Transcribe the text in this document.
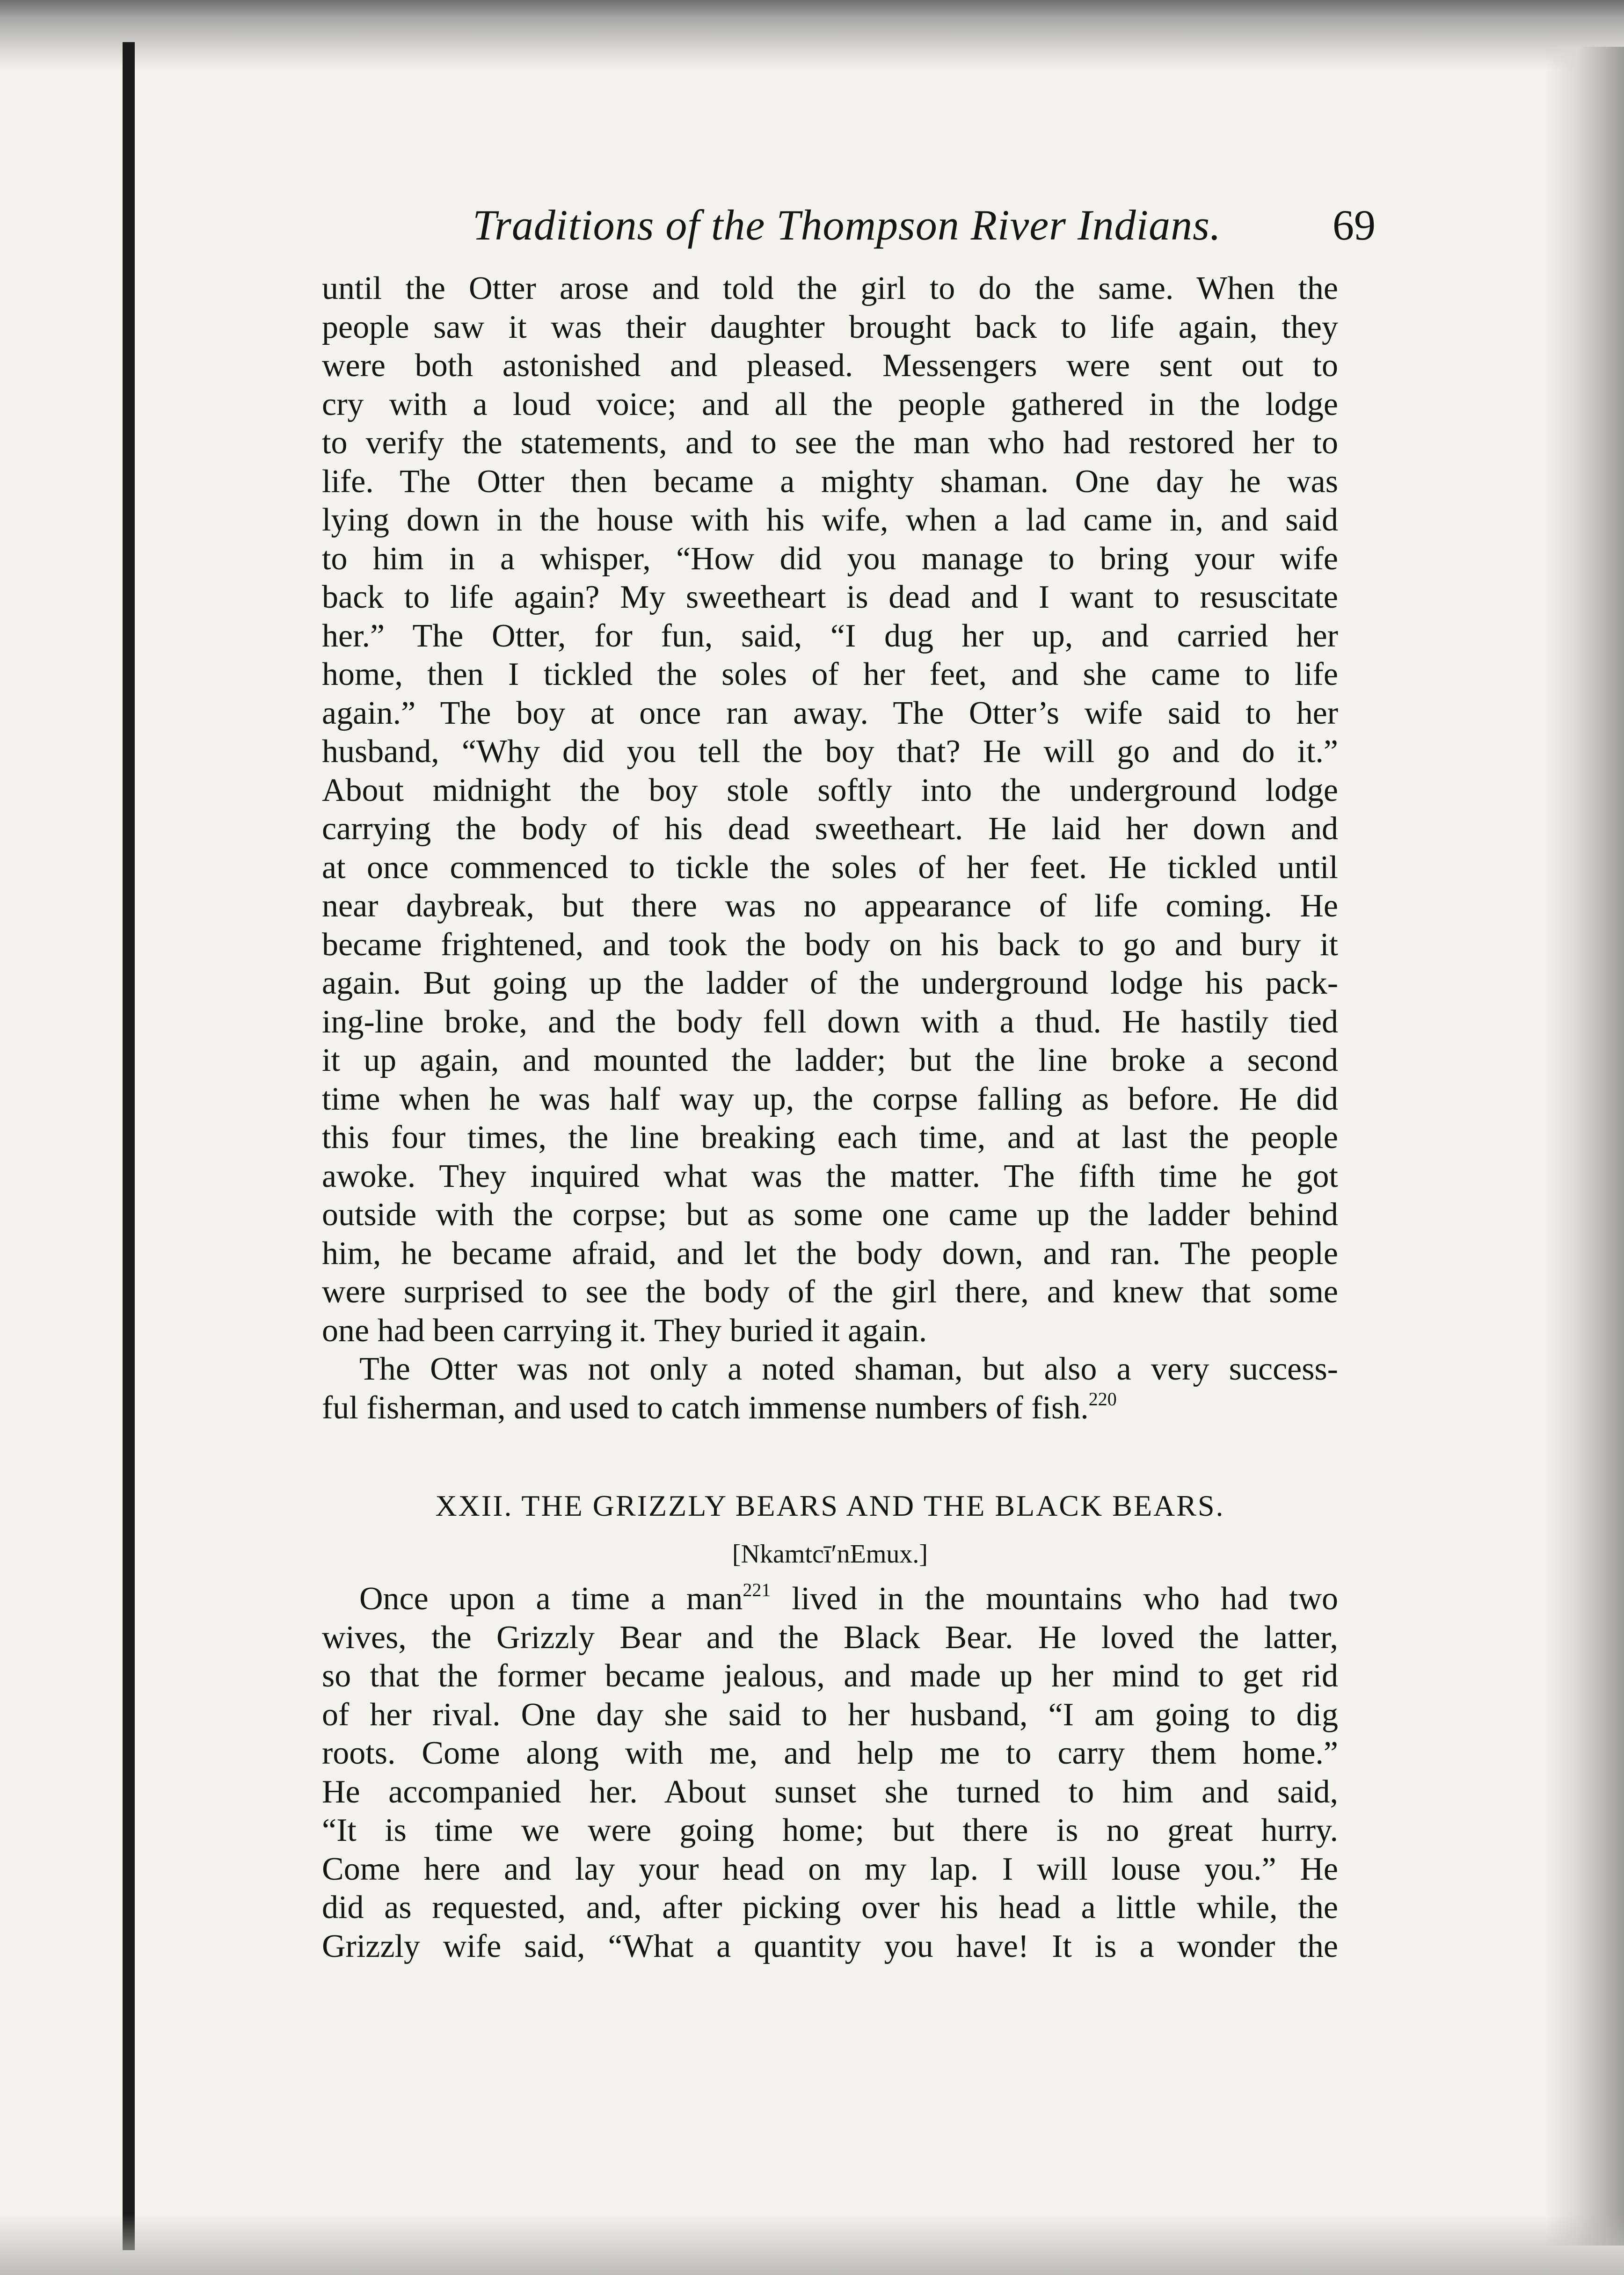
Traditions of the Thompson River Indians.	69
until the Otter arose and told the girl to do the same. When the
people saw it was their daughter brought back to life again, they
were both astonished and pleased. Messengers were sent out to
cry with a loud voice; and all the people gathered in the lodge
to verify the statements, and to see the man who had restored her to
life. The Otter then became a mighty shaman. One day he was
lying down in the house with his wife, when a lad came in, and said
to him in a whisper, “How did you manage to bring your wife
back to life again? My sweetheart is dead and I want to resuscitate
her.” The Otter, for fun, said, “I dug her up, and carried her
home, then I tickled the soles of her feet, and she came to life
again.” The boy at once ran away. The Otter’s wife said to her
husband, “Why did you tell the boy that? He will go and do it.”
About midnight the boy stole softly into the underground lodge
carrying the body of his dead sweetheart. He laid her down and
at once commenced to tickle the soles of her feet. He tickled until
near daybreak, but there was no appearance of life coming. He
became frightened, and took the body on his back to go and bury it
again. But going up the ladder of the underground lodge his pack-
ing-line broke, and the body fell down with a thud. He hastily tied
it up again, and mounted the ladder; but the line broke a second
time when he was half way up, the corpse falling as before. He did
this four times, the line breaking each time, and at last the people
awoke. They inquired what was the matter. The fifth time he got
outside with the corpse; but as some one came up the ladder behind
him, he became afraid, and let the body down, and ran. The people
were surprised to see the body of the girl there, and knew that some
one had been carrying it. They buried it again.
The Otter was not only a noted shaman, but also a very success-
ful fisherman, and used to catch immense numbers of fish.$^{220}$
XXII. THE GRIZZLY BEARS AND THE BLACK BEARS.
[Nkamtcī′nEmux.]
Once upon a time a man$^{221}$ lived in the mountains who had two
wives, the Grizzly Bear and the Black Bear. He loved the latter,
so that the former became jealous, and made up her mind to get rid
of her rival. One day she said to her husband, “I am going to dig
roots. Come along with me, and help me to carry them home.”
He accompanied her. About sunset she turned to him and said,
“It is time we were going home; but there is no great hurry.
Come here and lay your head on my lap. I will louse you.” He
did as requested, and, after picking over his head a little while, the
Grizzly wife said, “What a quantity you have! It is a wonder the
